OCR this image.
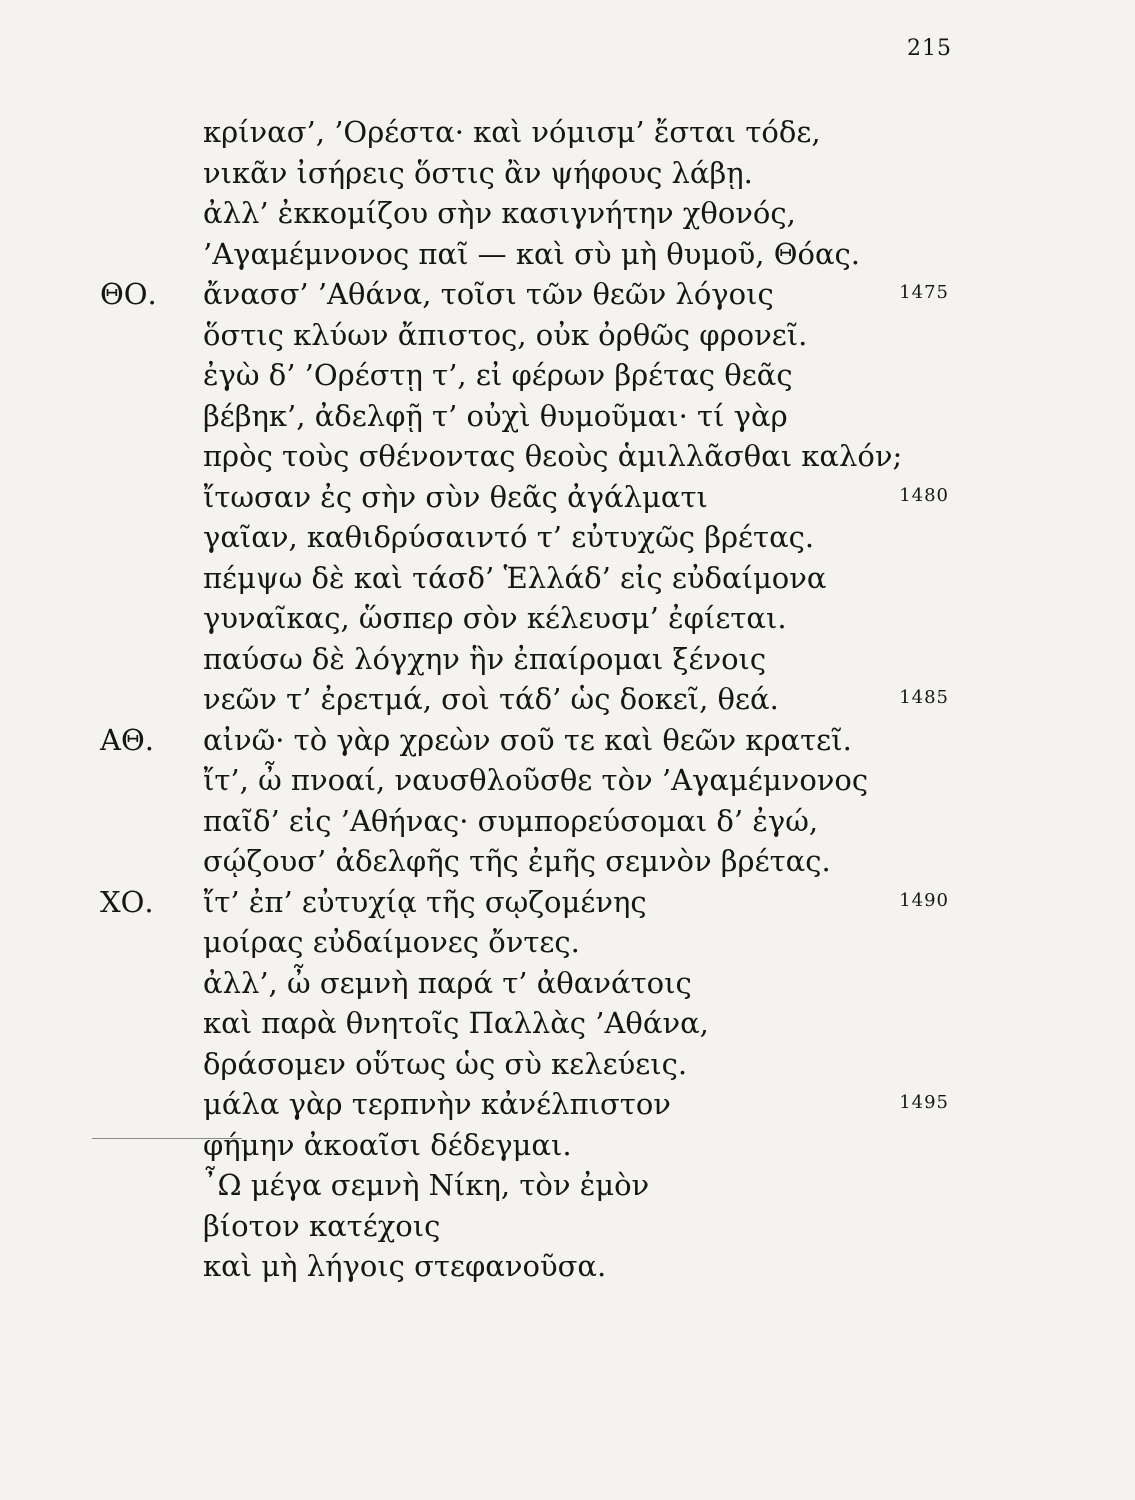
215
κρίνασ’, ’Ορέστα· καὶ νόμισμ’ ἔσται τόδε,
νικᾶν ἰσήρεις ὅστις ἂν ψήφους λάβῃ.
ἀλλ’ ἐκκομίζου σὴν κασιγνήτην χθονός,
’Αγαμέμνονος παῖ — καὶ σὺ μὴ θυμοῦ, Θόας.
ΘΟ. ἄνασσ’ ’Αθάνα, τοῖσι τῶν θεῶν λόγοις	1475
ὅστις κλύων ἄπιστος, οὐκ ὀρθῶς φρονεῖ.
ἐγὼ δ’ ’Ορέστῃ τ’, εἰ φέρων βρέτας θεᾶς
βέβηκ’, ἀδελφῇ τ’ οὐχὶ θυμοῦμαι· τί γὰρ
πρὸς τοὺς σθένοντας θεοὺς ἁμιλλᾶσθαι καλόν;
ἴτωσαν ἐς σὴν σὺν θεᾶς ἀγάλματι	1480
γαῖαν, καθιδρύσαιντό τ’ εὐτυχῶς βρέτας.
πέμψω δὲ καὶ τάσδ’ Ἑλλάδ’ εἰς εὐδαίμονα
γυναῖκας, ὥσπερ σὸν κέλευσμ’ ἐφίεται.
παύσω δὲ λόγχην ἣν ἐπαίρομαι ξένοις
νεῶν τ’ ἐρετμά, σοὶ τάδ’ ὡς δοκεῖ, θεά.	1485
ΑΘ. αἰνῶ· τὸ γὰρ χρεὼν σοῦ τε καὶ θεῶν κρατεῖ.
ἴτ’, ὦ πνοαί, ναυσθλοῦσθε τὸν ’Αγαμέμνονος
παῖδ’ εἰς ’Αθήνας· συμπορεύσομαι δ’ ἐγώ,
σῴζουσ’ ἀδελφῆς τῆς ἐμῆς σεμνὸν βρέτας.
ΧΟ. ἴτ’ ἐπ’ εὐτυχίᾳ τῆς σῳζομένης	1490
μοίρας εὐδαίμονες ὄντες.
ἀλλ’, ὦ σεμνὴ παρά τ’ ἀθανάτοις
καὶ παρὰ θνητοῖς Παλλὰς ’Αθάνα,
δράσομεν οὕτως ὡς σὺ κελεύεις.
μάλα γὰρ τερπνὴν κἀνέλπιστον	1495
φήμην ἀκοαῖσι δέδεγμαι.
῏Ω μέγα σεμνὴ Νίκη, τὸν ἐμὸν
βίοτον κατέχοις
καὶ μὴ λήγοις στεφανοῦσα.
